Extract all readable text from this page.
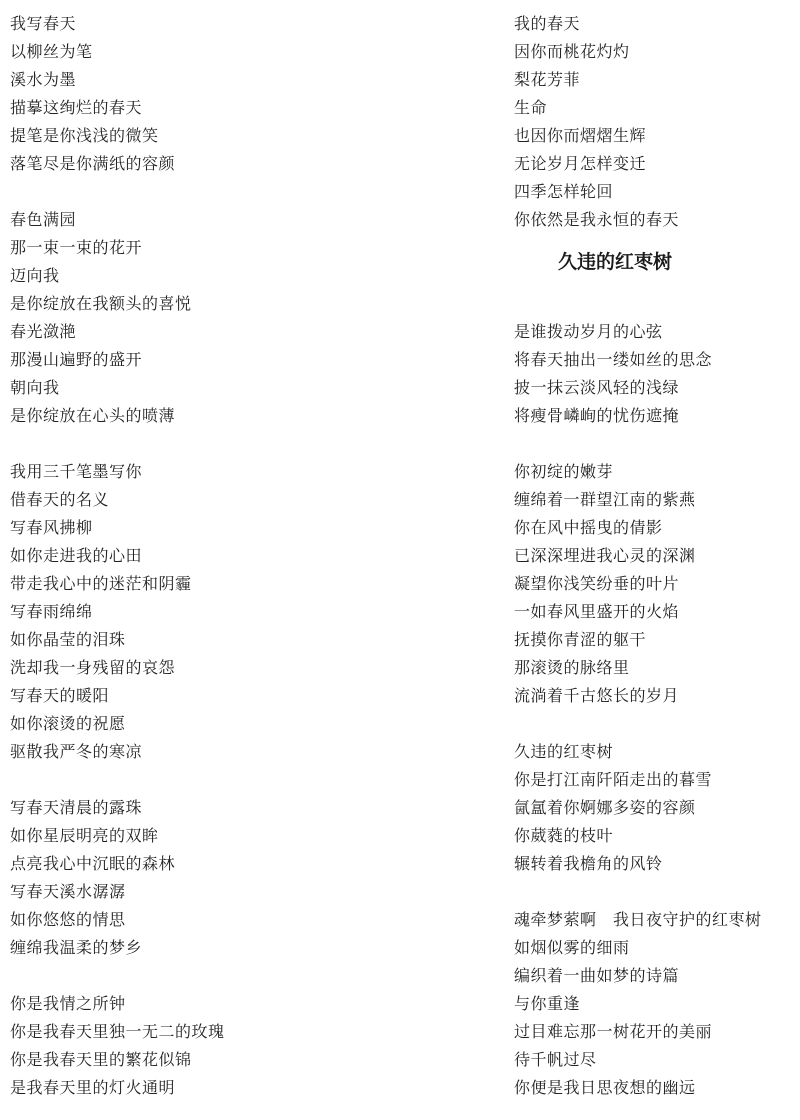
我写春天
以柳丝为笔
溪水为墨
描摹这绚烂的春天
提笔是你浅浅的微笑
落笔尽是你满纸的容颜
春色满园
那一束一束的花开
迈向我
是你绽放在我额头的喜悦
春光潋滟
那漫山遍野的盛开
朝向我
是你绽放在心头的喷薄
我用三千笔墨写你
借春天的名义
写春风拂柳
如你走进我的心田
带走我心中的迷茫和阴霾
写春雨绵绵
如你晶莹的泪珠
洗却我一身残留的哀怨
写春天的暖阳
如你滚烫的祝愿
驱散我严冬的寒凉
写春天清晨的露珠
如你星辰明亮的双眸
点亮我心中沉眠的森林
写春天溪水潺潺
如你悠悠的情思
缠绵我温柔的梦乡
你是我情之所钟
你是我春天里独一无二的玫瑰
你是我春天里的繁花似锦
是我春天里的灯火通明
我的春天
因你而桃花灼灼
梨花芳菲
生命
也因你而熠熠生辉
无论岁月怎样变迁
四季怎样轮回
你依然是我永恒的春天
久违的红枣树
是谁拨动岁月的心弦
将春天抽出一缕如丝的思念
披一抹云淡风轻的浅绿
将瘦骨嶙峋的忧伤遮掩
你初绽的嫩芽
缠绵着一群望江南的紫燕
你在风中摇曳的倩影
已深深埋进我心灵的深渊
凝望你浅笑纷垂的叶片
一如春风里盛开的火焰
抚摸你青涩的躯干
那滚烫的脉络里
流淌着千古悠长的岁月
久违的红枣树
你是打江南阡陌走出的暮雪
氤氲着你婀娜多姿的容颜
你葳蕤的枝叶
辗转着我檐角的风铃
魂牵梦萦啊　我日夜守护的红枣树
如烟似雾的细雨
编织着一曲如梦的诗篇
与你重逢
过目难忘那一树花开的美丽
待千帆过尽
你便是我日思夜想的幽远
